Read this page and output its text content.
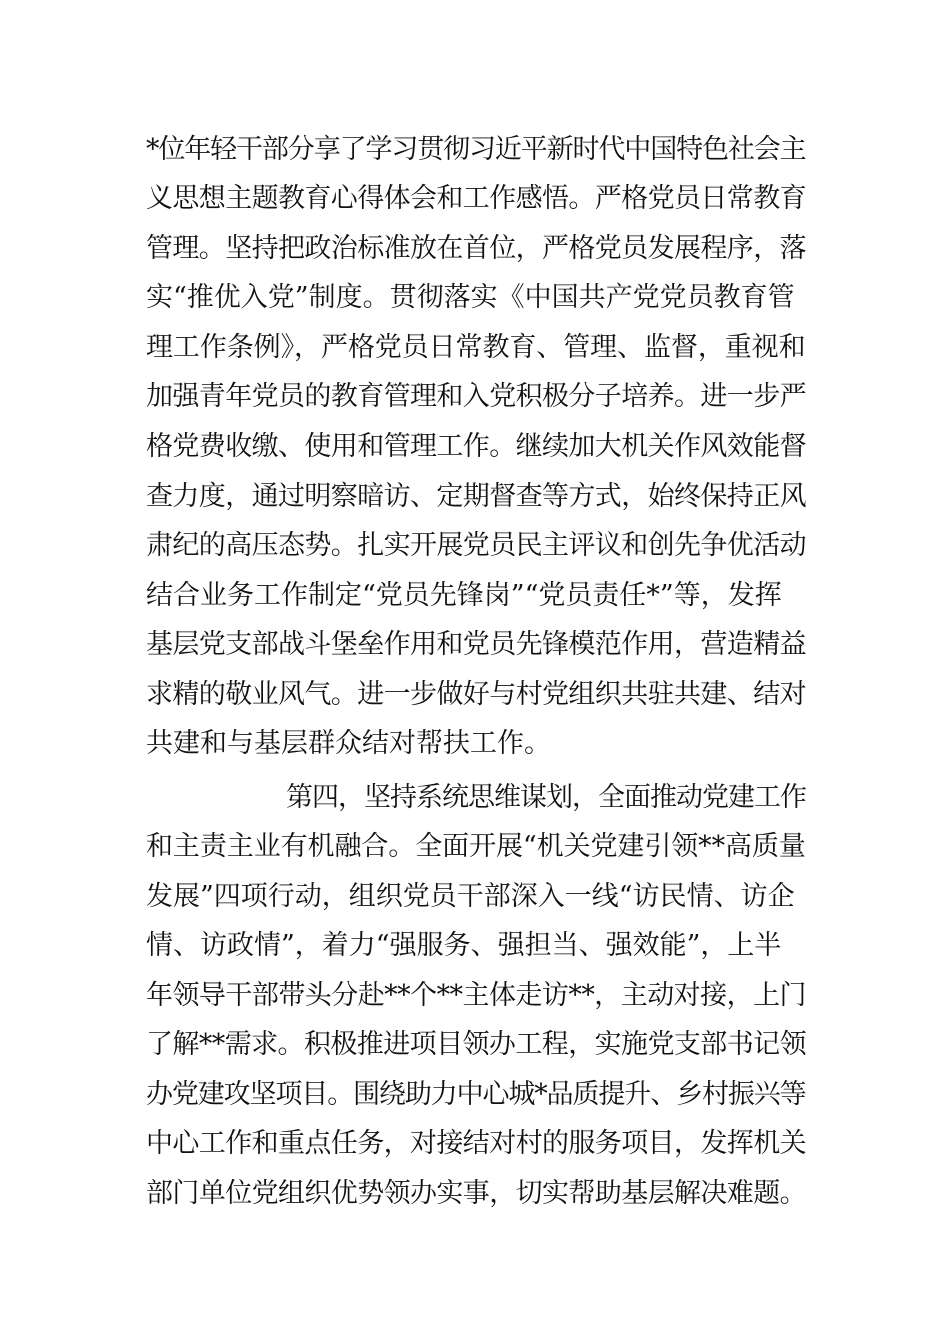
*位年轻干部分享了学习贯彻习近平新时代中国特色社会主
义思想主题教育心得体会和工作感悟。严格党员日常教育
管理。坚持把政治标准放在首位，严格党员发展程序，落
实“推优入党”制度。贯彻落实《中国共产党党员教育管
理工作条例》，严格党员日常教育、管理、监督，重视和
加强青年党员的教育管理和入党积极分子培养。进一步严
格党费收缴、使用和管理工作。继续加大机关作风效能督
查力度，通过明察暗访、定期督查等方式，始终保持正风
肃纪的高压态势。扎实开展党员民主评议和创先争优活动
结合业务工作制定“党员先锋岗”“党员责任*”等，发挥
基层党支部战斗堡垒作用和党员先锋模范作用，营造精益
求精的敬业风气。进一步做好与村党组织共驻共建、结对
共建和与基层群众结对帮扶工作。
第四，坚持系统思维谋划，全面推动党建工作
和主责主业有机融合。全面开展“机关党建引领**高质量
发展”四项行动，组织党员干部深入一线“访民情、访企
情、访政情”，着力“强服务、强担当、强效能”，上半
年领导干部带头分赴**个**主体走访**，主动对接，上门
了解**需求。积极推进项目领办工程，实施党支部书记领
办党建攻坚项目。围绕助力中心城*品质提升、乡村振兴等
中心工作和重点任务，对接结对村的服务项目，发挥机关
部门单位党组织优势领办实事，切实帮助基层解决难题。
